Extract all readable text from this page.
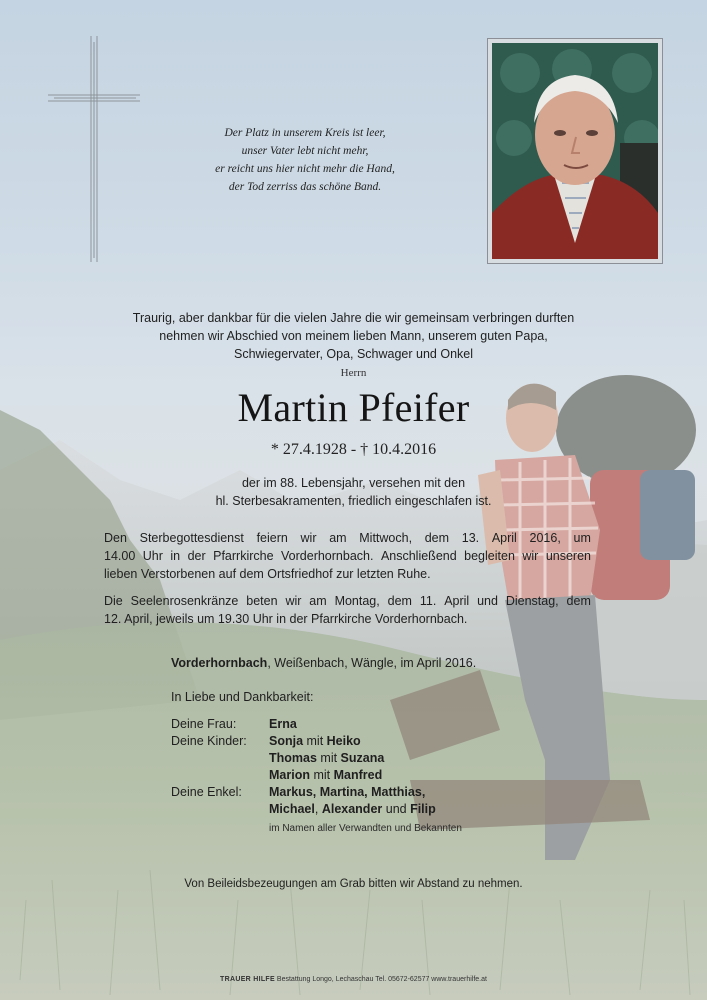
Der Platz in unserem Kreis ist leer,
unser Vater lebt nicht mehr,
er reicht uns hier nicht mehr die Hand,
der Tod zerriss das schöne Band.
Traurig, aber dankbar für die vielen Jahre die wir gemeinsam verbringen durften
nehmen wir Abschied von meinem lieben Mann, unserem guten Papa,
Schwiegervater, Opa, Schwager und Onkel
Herrn
Martin Pfeifer
* 27.4.1928 - † 10.4.2016
der im 88. Lebensjahr, versehen mit den
hl. Sterbesakramenten, friedlich eingeschlafen ist.
Den Sterbegottesdienst feiern wir am Mittwoch, dem 13. April 2016, um
14.00 Uhr in der Pfarrkirche Vorderhornbach. Anschließend begleiten wir unseren
lieben Verstorbenen auf dem Ortsfriedhof zur letzten Ruhe.
Die Seelenrosenkränze beten wir am Montag, dem 11. April und Dienstag, dem
12. April, jeweils um 19.30 Uhr in der Pfarrkirche Vorderhornbach.
Vorderhornbach, Weißenbach, Wängle, im April 2016.
In Liebe und Dankbarkeit:
Deine Frau:	Erna
Deine Kinder:	Sonja mit Heiko
Thomas mit Suzana
Marion mit Manfred
Deine Enkel:	Markus, Martina, Matthias,
Michael, Alexander und Filip
im Namen aller Verwandten und Bekannten
Von Beileidsbezeugungen am Grab bitten wir Abstand zu nehmen.
TRAUER HILFE Bestattung Longo, Lechaschau Tel. 05672-62577 www.trauerhilfe.at
